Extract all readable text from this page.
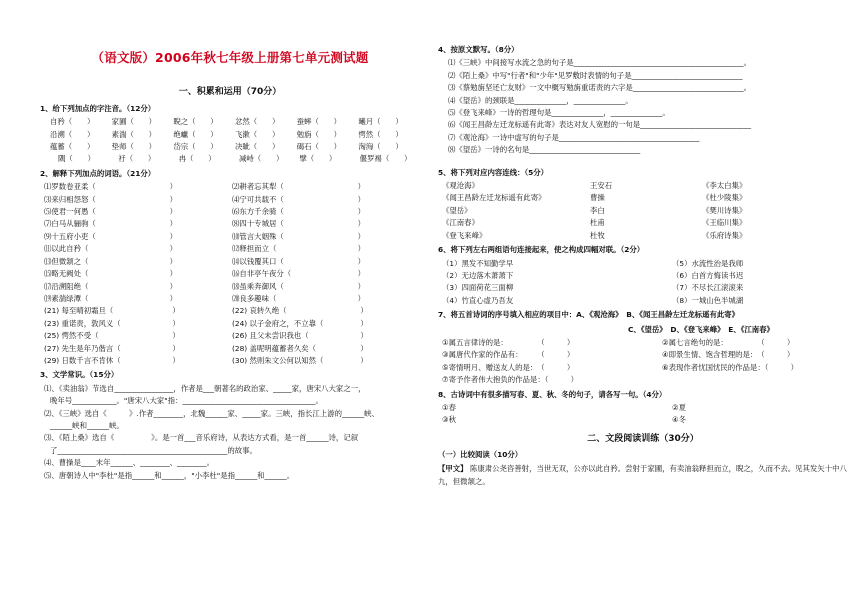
（语文版）2006年秋七年级上册第七单元测试题
一、积累和运用（70分）
1、给下列加点的字注音。（12分）
自矜（　　）	家圃（　　）	睨之（　　）	忿然（　　）	蚕蟀（　　）	曦月（　　）
沿溯（　　）	素湍（　　）	绝巘（　　）	飞漱（　　）	勉旃（　　）	愕然（　　）
蕴蓄（　　）	垫师（　　）	岱宗（　　）	决眦（　　）	碣石（　　）	洶洶（　　）
隅（　　）	衧（　　）	冉（　　）	减峙（　　）	擘（　　）	偃罗裼（　　）
2、解释下列加点的词语。（21分）
⑴罗数卷亚柔（　　　　　　　　　　）	⑵耕者忘其犁（　　　　　　　　　　）
⑶来归相怨怒（　　　　　　　　　　）	⑷宁可共载不（　　　　　　　　　　）
⑸使君一何愚（　　　　　　　　　　）	⑹东方千余骑（　　　　　　　　　　）
⑺白马从骊驹（　　　　　　　　　　）	⑻四十专城居（　　　　　　　　　　）
⑼十五府小吏（　　　　　　　　　　）	⑽管言大姻殊（　　　　　　　　　　）
⑾以此自矜（　　　　　　　　　　　）	⑿释担而立（　　　　　　　　　　　）
⒀但微颔之（　　　　　　　　　　　）	⒁以钱覆其口（　　　　　　　　　　）
⒂略无阙处（　　　　　　　　　　　）	⒃自非亭午夜分（　　　　　　　　　）
⒄沿溯阻绝（　　　　　　　　　　　）	⒅虽乘奔御风（　　　　　　　　　　）
⒆素湍绿潭（　　　　　　　　　　　）	⒇良多趣味（　　　　　　　　　　　）
(21) 每至晴初霜旦（　　　　　　　　）	(22) 哀转久绝（　　　　　　　　　　）
(23) 重诺责，敦风义（　　　　　　　）	(24) 以子金府之，不立靠（　　　　　）
(25) 愕然不受（　　　　　　　　　　）	(26) 且父未尝识我也（　　　　　　　）
(27) 先生是年乃偕言（　　　　　　　）	(28) 盖呢明蕴蓄者久矣（　　　　　　）
(29) 日数千言不肯休（　　　　　　　）	(30) 然则朱文公何以知然（　　　　　）
3、文学常识。（15分）
⑴、《卖油翁》节选自________________，作者是___朝著名的政治家、_____家，唐宋八大家之一，
晚年号____________。"唐宋八大家"指：____________________________________。
⑵、《三峡》选自《　　　》.作者________，北魏______家、_____家。三峡，指长江上游的______峡、
______峡和______峡。
⑶、《陌上桑》选自《　　　　　》。是一首___音乐府诗，从表达方式看，是一首______诗，记叙
了______________________________________________的故事。
⑷、曹操是____末年______、________、________。
⑸、唐朝诗人中"李杜"是指______和______，"小李杜"是指______和______。
4、按原文默写。（8分）
⑴《三峡》中间接写水流之急的句子是______________________________________________。
⑵《陌上桑》中写"行者"和"少年"见罗敷时表情的句子是______________________________
⑶《蔡勉旃坚还亡友财》一文中概写勉旃重诺责的六字是______________________________。
⑷《望岳》的颈联是______________，______________。
⑸《登飞来峰》一诗的哲理句是______________，______________。
⑹《闻王昌龄左迁龙标遥有此寄》表达对友人宽慰的一句是______________________________
⑺《观沧海》一诗中虚写的句子是______________________________________
⑻《望岳》一诗的名句是______________________________
5、将下列对应内容连线：（5分）
《观沧海》	王安石	《李太白集》
《闻王昌龄左迁龙标遥有此寄》	曹操	《杜少陵集》
《望岳》	李白	《樊川诗集》
《江南春》	杜甫	《王临川集》
《登飞来峰》	杜牧	《乐府诗集》
6、将下列左右两组语句连接起来，使之构成四幅对联。（2分）
（1）黑发不知勤学早	（5）水流性治是我师
（2）无边落木萧萧下	（6）白首方悔读书迟
（3）四面荷花三面柳	（7）不尽长江滚滚来
（4）竹直心虚乃吾友	（8）一城山色半城湖
7、将五首诗词的序号填入相应的项目中：A、《观沧海》　B、《闻王昌龄左迁龙标遥有此寄》
C、《望岳》　D、《登飞来峰》　E、《江南春》
①属五言律诗的是：　　　　　（　　　）	②属七言绝句的是：　　　　　（　　　）
③属唐代作家的作品有：　　　（　　　）	④即景生情、饱含哲理的是：　（　　　）
⑤寄情明月、赠送友人的是：　（　　　）	⑥表现作者忧国忧民的作品是：（　　　）
⑦寄予作者伟大抱负的作品是：（　　　）
8、古诗词中有很多描写春、夏、秋、冬的句子，请各写一句。（4分）
①春	②夏
③秋	④冬
二、文段阅读训练（30分）
（一）比较阅读（10分）
【甲文】 陈康肃公尧咨善射，当世无双，公亦以此自矜。尝射于家圃，有卖油翁释担而立，睨之，久而不去。见其发矢十中八九，但微颔之。
